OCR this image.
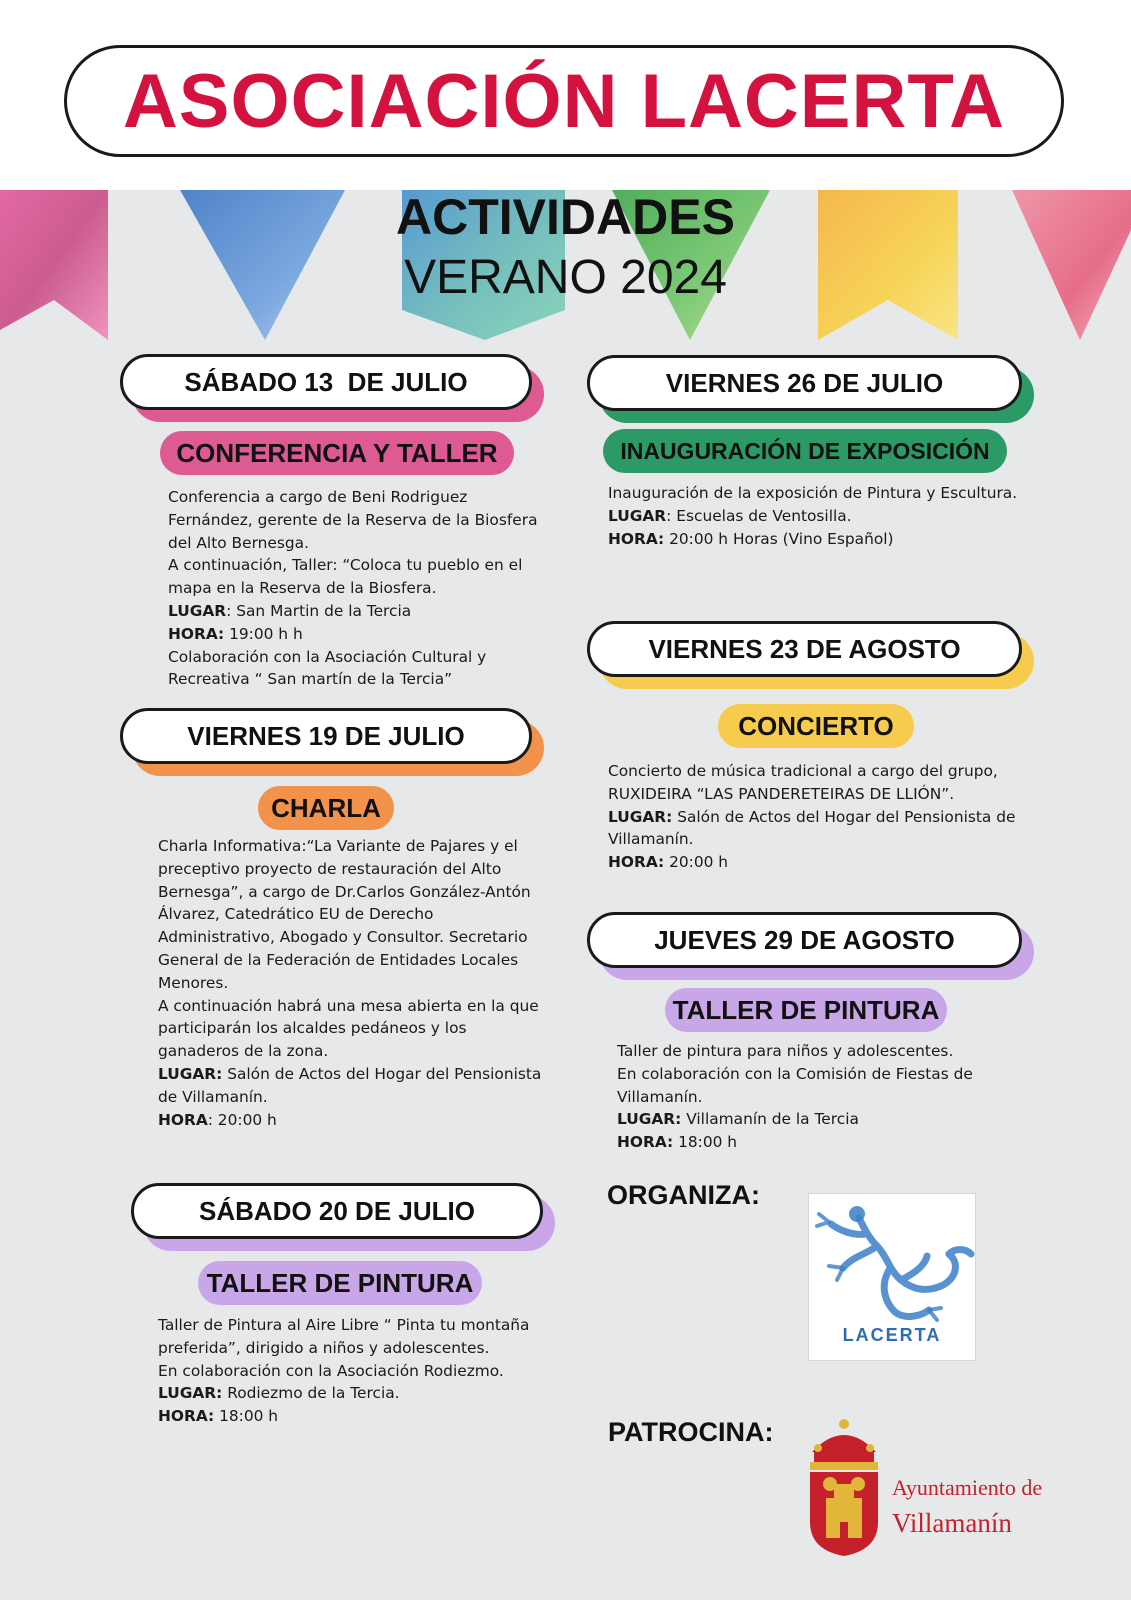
ASOCIACIÓN LACERTA
ACTIVIDADES
VERANO 2024
SÁBADO 13  DE JULIO
CONFERENCIA Y TALLER

Conferencia a cargo de Beni Rodriguez Fernández, gerente de la Reserva de la Biosfera del Alto Bernesga.

A continuación, Taller: “Coloca tu pueblo en el mapa en la Reserva de la Biosfera.

LUGAR: San Martin de la Tercia

HORA: 19:00 h h

Colaboración con la Asociación Cultural y Recreativa “ San martín de la Tercia”

VIERNES 19 DE JULIO
CHARLA

Charla Informativa:“La Variante de Pajares y el preceptivo proyecto de restauración del Alto Bernesga”, a cargo de Dr.Carlos González-Antón Álvarez, Catedrático EU de Derecho Administrativo, Abogado y Consultor. Secretario General de la Federación de Entidades Locales Menores.

A continuación habrá una mesa abierta en la que participarán los alcaldes pedáneos y los ganaderos de la zona.

LUGAR: Salón de Actos del Hogar del Pensionista de Villamanín.

HORA: 20:00 h

SÁBADO 20 DE JULIO
TALLER DE PINTURA

Taller de Pintura al Aire Libre “ Pinta tu montaña preferida”, dirigido a niños y adolescentes.

En colaboración con la Asociación Rodiezmo.

LUGAR: Rodiezmo de la Tercia.

HORA: 18:00 h

VIERNES 26 DE JULIO
INAUGURACIÓN DE EXPOSICIÓN

Inauguración de la exposición de Pintura y Escultura.

LUGAR: Escuelas de Ventosilla.

HORA: 20:00 h Horas (Vino Español)

VIERNES 23 DE AGOSTO
CONCIERTO

Concierto de música tradicional a cargo del grupo, RUXIDEIRA “LAS PANDERETEIRAS DE LLIÓN”.

LUGAR: Salón de Actos del Hogar del Pensionista de Villamanín.

HORA: 20:00 h

JUEVES 29 DE AGOSTO
TALLER DE PINTURA

Taller de pintura para niños y adolescentes.

En colaboración con la Comisión de Fiestas de Villamanín.

LUGAR: Villamanín de la Tercia

HORA: 18:00 h

ORGANIZA:
LACERTA
PATROCINA:
Ayuntamiento de
Villamanín
